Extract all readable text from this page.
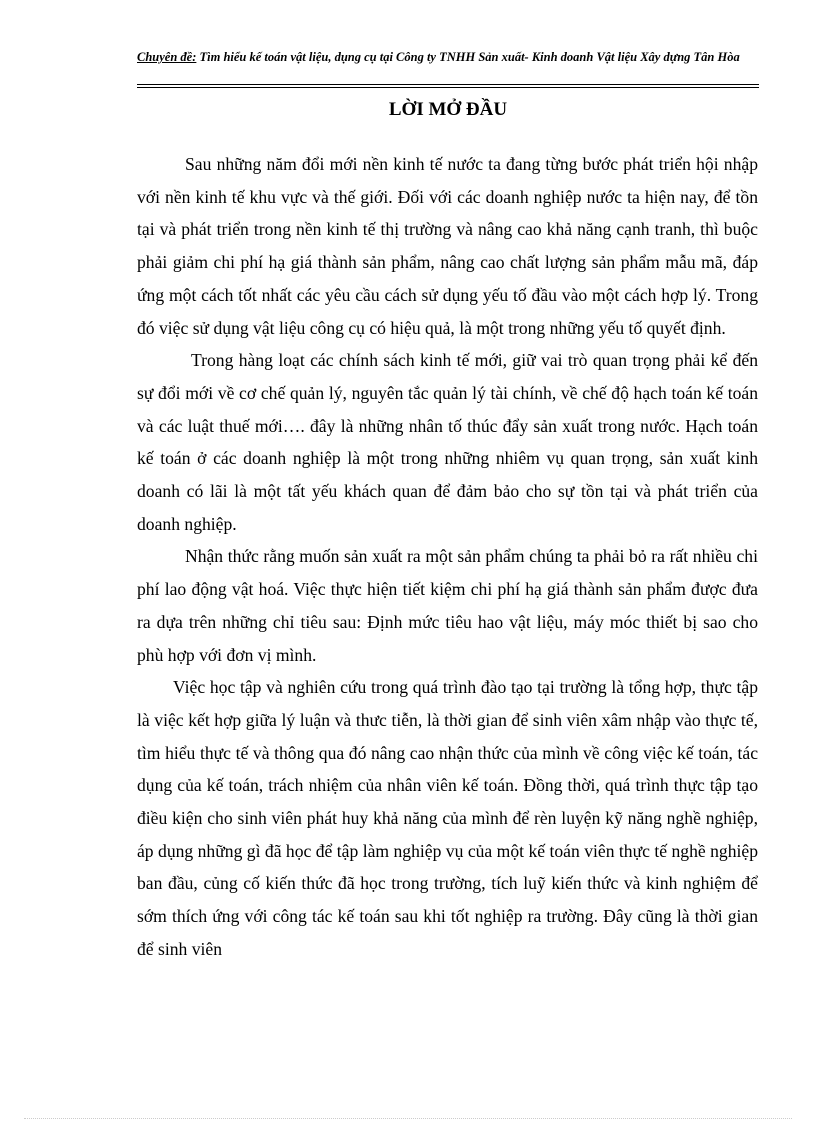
Chuyên đề: Tìm hiểu kế toán vật liệu, dụng cụ tại Công ty TNHH Sản xuất- Kinh doanh Vật liệu Xây dựng Tân Hòa
LỜI MỞ ĐẦU

Sau những năm đổi mới nền kinh tế nước ta đang từng bước phát triển hội nhập với nền kinh tế khu vực và thế giới. Đối với các doanh nghiệp nước ta hiện nay, để tồn tại và phát triển trong nền kinh tế thị trường và nâng cao khả năng cạnh tranh, thì buộc phải giảm chi phí hạ giá thành sản phẩm, nâng cao chất lượng sản phẩm mẫu mã, đáp ứng một cách tốt nhất các yêu cầu cách sử dụng yếu tố đầu vào một cách hợp lý. Trong đó việc sử dụng vật liệu công cụ có hiệu quả, là một trong những yếu tố quyết định.

Trong hàng loạt các chính sách kinh tế mới, giữ vai trò quan trọng phải kể đến sự đổi mới về cơ chế quản lý, nguyên tắc quản lý tài chính, về chế độ hạch toán kế toán và các luật thuế mới…. đây là những nhân tố thúc đẩy sản xuất trong nước. Hạch toán kế toán ở các doanh nghiệp là một trong những nhiêm vụ quan trọng, sản xuất kinh doanh có lãi là một tất yếu khách quan để đảm bảo cho sự tồn tại và phát triển của doanh nghiệp.

Nhận thức rằng muốn sản xuất ra một sản phẩm chúng ta phải bỏ ra rất nhiều chi phí lao động vật hoá. Việc thực hiện tiết kiệm chi phí hạ giá thành sản phẩm được đưa ra dựa trên những chỉ tiêu sau: Định mức tiêu hao vật liệu, máy móc thiết bị sao cho phù hợp với đơn vị mình.

Việc học tập và nghiên cứu trong quá trình đào tạo tại trường là tổng hợp, thực tập là việc kết hợp giữa lý luận và thưc tiễn, là thời gian để sinh viên xâm nhập vào thực tế, tìm hiểu thực tế và thông qua đó nâng cao nhận thức của mình về công việc kế toán, tác dụng của kế toán, trách nhiệm của nhân viên kế toán. Đồng thời, quá trình thực tập tạo điều kiện cho sinh viên phát huy khả năng của mình để rèn luyện kỹ năng nghề nghiệp, áp dụng những gì đã học để tập làm nghiệp vụ của một kế toán viên thực tế nghề nghiệp ban đầu, củng cố kiến thức đã học trong trường, tích luỹ kiến thức và kinh nghiệm để sớm thích ứng với công tác kế toán sau khi tốt nghiệp ra trường. Đây cũng là thời gian để sinh viên
